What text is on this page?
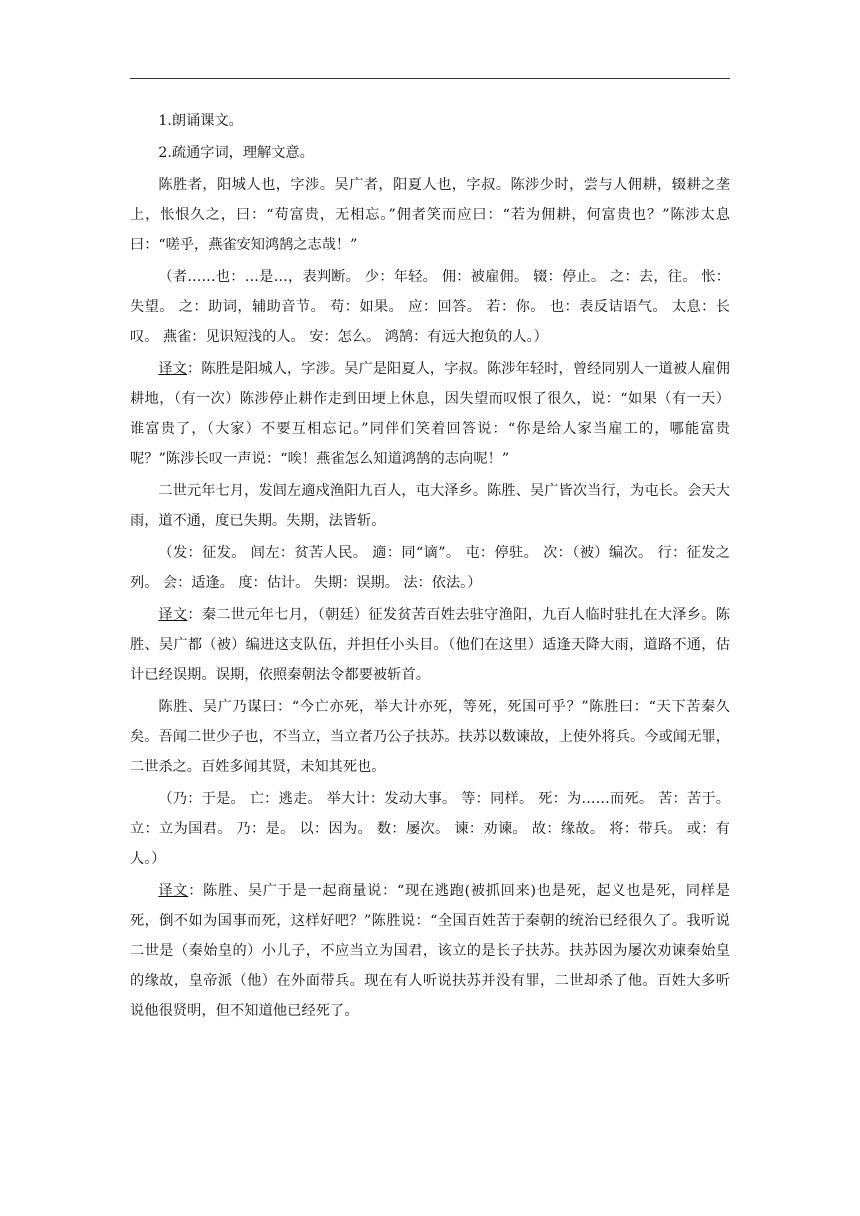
1.朗诵课文。

2.疏通字词，理解文意。

陈胜者，阳城人也，字涉。吴广者，阳夏人也，字叔。陈涉少时，尝与人佣耕，辍耕之垄上，怅恨久之，曰：“苟富贵，无相忘。”佣者笑而应曰：“若为佣耕，何富贵也？”陈涉太息曰：“嗟乎，燕雀安知鸿鹄之志哉！”

（者……也：…是…，表判断。 少：年轻。 佣：被雇佣。 辍：停止。 之：去，往。 怅：失望。 之：助词，辅助音节。 苟：如果。 应：回答。 若：你。 也：表反诘语气。 太息：长叹。 燕雀：见识短浅的人。 安：怎么。 鸿鹄：有远大抱负的人。）

译文：陈胜是阳城人，字涉。吴广是阳夏人，字叔。陈涉年轻时，曾经同别人一道被人雇佣耕地，（有一次）陈涉停止耕作走到田埂上休息，因失望而叹恨了很久，说：“如果（有一天）谁富贵了，（大家）不要互相忘记。”同伴们笑着回答说：“你是给人家当雇工的，哪能富贵呢？”陈涉长叹一声说：“唉！燕雀怎么知道鸿鹄的志向呢！”

二世元年七月，发闾左適戍渔阳九百人，屯大泽乡。陈胜、吴广皆次当行，为屯长。会天大雨，道不通，度已失期。失期，法皆斩。

（发：征发。 闾左：贫苦人民。 適：同“谪”。 屯：停驻。 次：（被）编次。 行：征发之列。 会：适逢。 度：估计。 失期：误期。 法：依法。）

译文：秦二世元年七月，（朝廷）征发贫苦百姓去驻守渔阳，九百人临时驻扎在大泽乡。陈胜、吴广都（被）编进这支队伍，并担任小头目。（他们在这里）适逢天降大雨，道路不通，估计已经误期。误期，依照秦朝法令都要被斩首。

陈胜、吴广乃谋曰：“今亡亦死，举大计亦死，等死，死国可乎？”陈胜曰：“天下苦秦久矣。吾闻二世少子也，不当立，当立者乃公子扶苏。扶苏以数谏故，上使外将兵。今或闻无罪，二世杀之。百姓多闻其贤，未知其死也。

（乃：于是。 亡：逃走。 举大计：发动大事。 等：同样。 死：为……而死。 苦：苦于。 立：立为国君。 乃：是。 以：因为。 数：屡次。 谏：劝谏。 故：缘故。 将：带兵。 或：有人。）

译文：陈胜、吴广于是一起商量说：“现在逃跑(被抓回来)也是死，起义也是死，同样是死，倒不如为国事而死，这样好吧？”陈胜说：“全国百姓苦于秦朝的统治已经很久了。我听说二世是（秦始皇的）小儿子，不应当立为国君，该立的是长子扶苏。扶苏因为屡次劝谏秦始皇的缘故，皇帝派（他）在外面带兵。现在有人听说扶苏并没有罪，二世却杀了他。百姓大多听说他很贤明，但不知道他已经死了。
